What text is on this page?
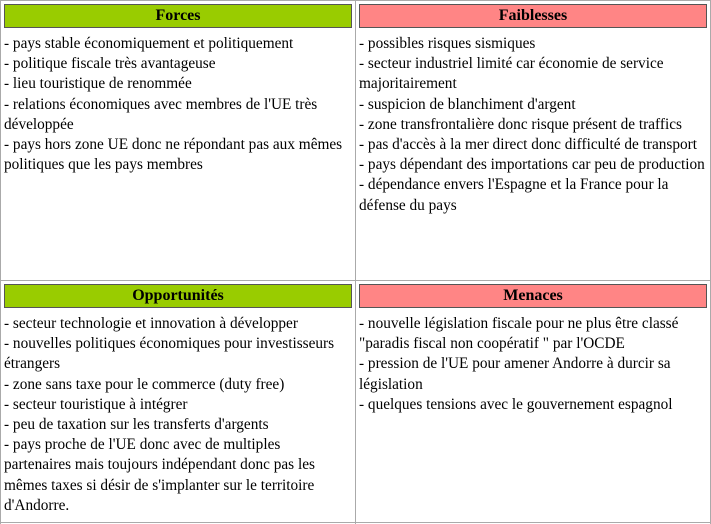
Forces
- pays stable économiquement et politiquement
- politique fiscale très avantageuse
- lieu touristique de renommée
- relations économiques avec membres de l'UE très développée
- pays hors zone UE donc ne répondant pas aux mêmes politiques que les pays membres
Faiblesses
- possibles risques sismiques
- secteur industriel limité car économie de service majoritairement
- suspicion de blanchiment d'argent
- zone transfrontalière donc risque présent de traffics
- pas d'accès à la mer direct donc difficulté de transport
- pays dépendant des importations car peu de production
- dépendance envers l'Espagne et la France pour la défense du pays
Opportunités
- secteur technologie et innovation à développer
- nouvelles politiques économiques pour investisseurs étrangers
- zone sans taxe pour le commerce (duty free)
- secteur touristique à intégrer
- peu de taxation sur les transferts d'argents
- pays proche de l'UE donc avec de multiples partenaires mais toujours indépendant donc pas les mêmes taxes si désir de s'implanter sur le territoire d'Andorre.
Menaces
- nouvelle législation fiscale pour ne plus être classé "paradis fiscal non coopératif " par l'OCDE
- pression de l'UE pour amener Andorre à durcir sa législation
- quelques tensions avec le gouvernement espagnol
